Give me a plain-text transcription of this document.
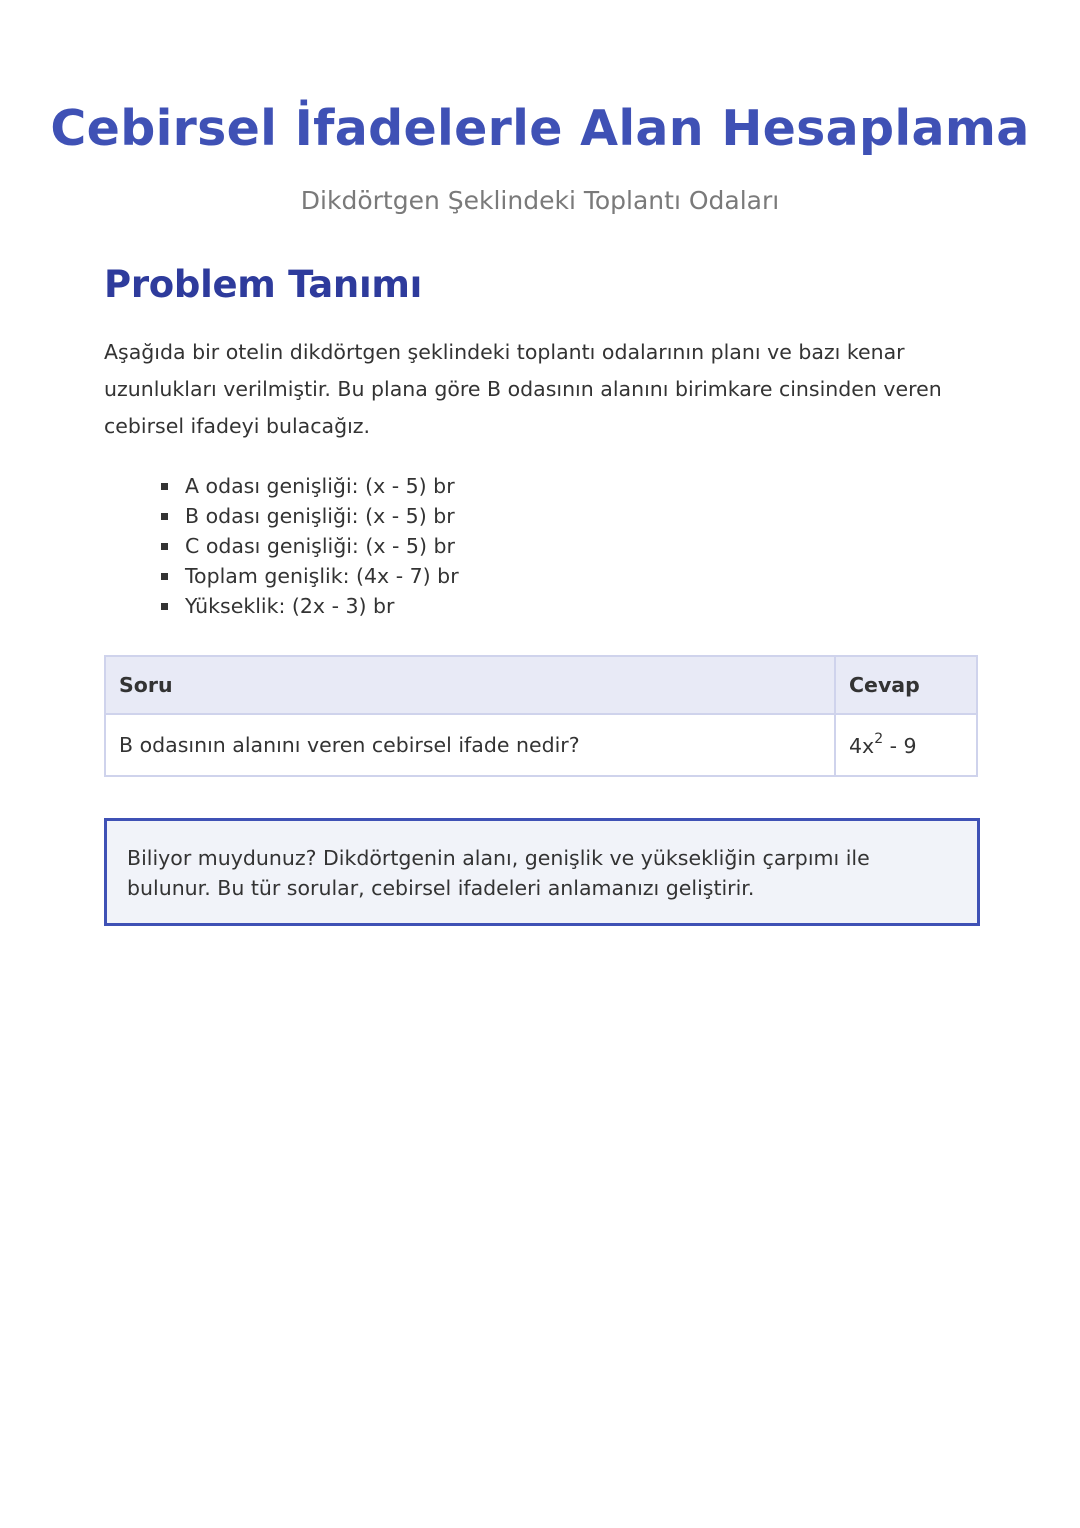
Cebirsel İfadelerle Alan Hesaplama

Dikdörtgen Şeklindeki Toplantı Odaları

Problem Tanımı

Aşağıda bir otelin dikdörtgen şeklindeki toplantı odalarının planı ve bazı kenar uzunlukları verilmiştir. Bu plana göre B odasının alanını birimkare cinsinden veren cebirsel ifadeyi bulacağız.

A odası genişliği: (x - 5) br
B odası genişliği: (x - 5) br
C odası genişliği: (x - 5) br
Toplam genişlik: (4x - 7) br
Yükseklik: (2x - 3) br
Soru	Cevap
B odasının alanını veren cebirsel ifade nedir?	$4x^2 - 9$

Biliyor muydunuz? Dikdörtgenin alanı, genişlik ve yüksekliğin çarpımı ile bulunur. Bu tür sorular, cebirsel ifadeleri anlamanızı geliştirir.
